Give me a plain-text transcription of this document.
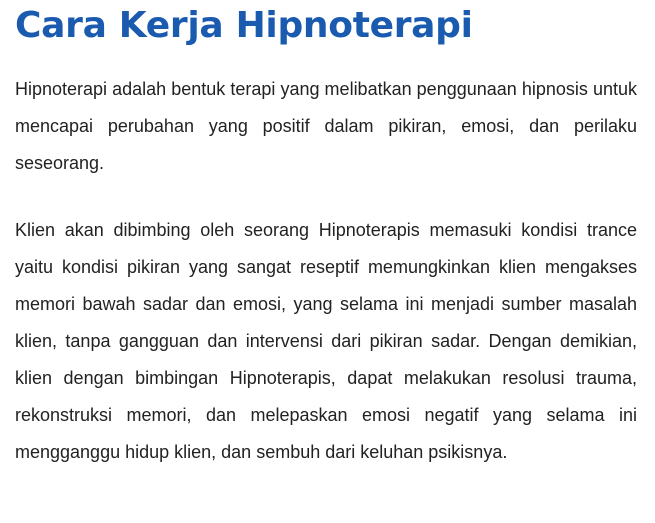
Cara Kerja Hipnoterapi

Hipnoterapi adalah bentuk terapi yang melibatkan penggunaan hipnosis untuk mencapai perubahan yang positif dalam pikiran, emosi, dan perilaku seseorang.

Klien akan dibimbing oleh seorang Hipnoterapis memasuki kondisi trance yaitu kondisi pikiran yang sangat reseptif memungkinkan klien mengakses memori bawah sadar dan emosi, yang selama ini menjadi sumber masalah klien, tanpa gangguan dan intervensi dari pikiran sadar. Dengan demikian, klien dengan bimbingan Hipnoterapis, dapat melakukan resolusi trauma, rekonstruksi memori, dan melepaskan emosi negatif yang selama ini mengganggu hidup klien, dan sembuh dari keluhan psikisnya.
